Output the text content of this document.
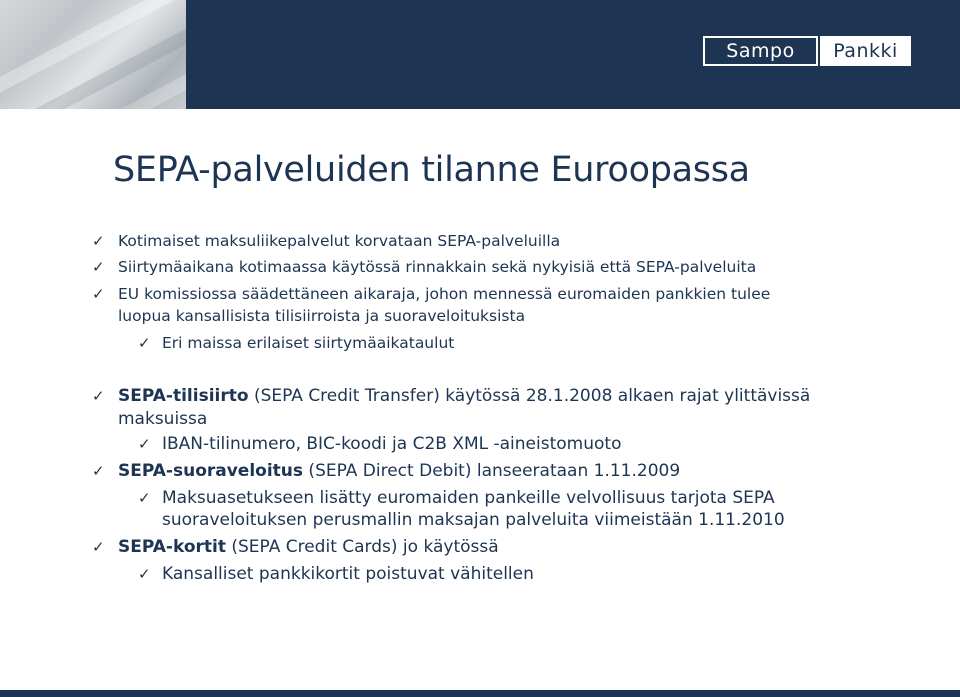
Sampo	Pankki
SEPA-palveluiden tilanne Euroopassa
✓ Kotimaiset maksuliikepalvelut korvataan SEPA-palveluilla
✓ Siirtymäaikana kotimaassa käytössä rinnakkain sekä nykyisiä että SEPA-palveluita
✓ EU komissiossa säädettäneen aikaraja, johon mennessä euromaiden pankkien tulee
luopua kansallisista tilisiirroista ja suoraveloituksista
✓ Eri maissa erilaiset siirtymäaikataulut
✓ SEPA-tilisiirto (SEPA Credit Transfer) käytössä 28.1.2008 alkaen rajat ylittävissä
maksuissa
✓ IBAN-tilinumero, BIC-koodi ja C2B XML -aineistomuoto
✓ SEPA-suoraveloitus (SEPA Direct Debit) lanseerataan 1.11.2009
✓ Maksuasetukseen lisätty euromaiden pankeille velvollisuus tarjota SEPA
suoraveloituksen perusmallin maksajan palveluita viimeistään 1.11.2010
✓ SEPA-kortit (SEPA Credit Cards) jo käytössä
✓ Kansalliset pankkikortit poistuvat vähitellen
